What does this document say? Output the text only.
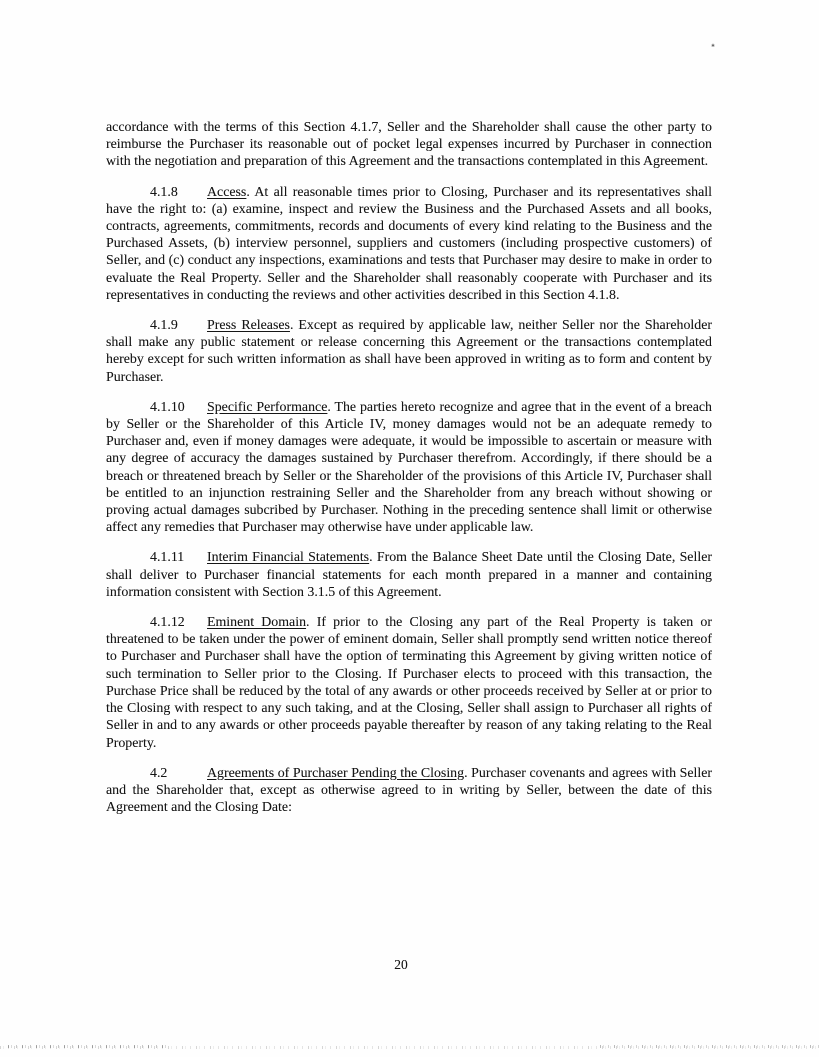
accordance with the terms of this Section 4.1.7, Seller and the Shareholder shall cause the other party to reimburse the Purchaser its reasonable out of pocket legal expenses incurred by Purchaser in connection with the negotiation and preparation of this Agreement and the transactions contemplated in this Agreement.

4.1.8 Access. At all reasonable times prior to Closing, Purchaser and its representatives shall have the right to: (a) examine, inspect and review the Business and the Purchased Assets and all books, contracts, agreements, commitments, records and documents of every kind relating to the Business and the Purchased Assets, (b) interview personnel, suppliers and customers (including prospective customers) of Seller, and (c) conduct any inspections, examinations and tests that Purchaser may desire to make in order to evaluate the Real Property. Seller and the Shareholder shall reasonably cooperate with Purchaser and its representatives in conducting the reviews and other activities described in this Section 4.1.8.

4.1.9 Press Releases. Except as required by applicable law, neither Seller nor the Shareholder shall make any public statement or release concerning this Agreement or the transactions contemplated hereby except for such written information as shall have been approved in writing as to form and content by Purchaser.

4.1.10 Specific Performance. The parties hereto recognize and agree that in the event of a breach by Seller or the Shareholder of this Article IV, money damages would not be an adequate remedy to Purchaser and, even if money damages were adequate, it would be impossible to ascertain or measure with any degree of accuracy the damages sustained by Purchaser therefrom. Accordingly, if there should be a breach or threatened breach by Seller or the Shareholder of the provisions of this Article IV, Purchaser shall be entitled to an injunction restraining Seller and the Shareholder from any breach without showing or proving actual damages subcribed by Purchaser. Nothing in the preceding sentence shall limit or otherwise affect any remedies that Purchaser may otherwise have under applicable law.

4.1.11 Interim Financial Statements. From the Balance Sheet Date until the Closing Date, Seller shall deliver to Purchaser financial statements for each month prepared in a manner and containing information consistent with Section 3.1.5 of this Agreement.

4.1.12 Eminent Domain. If prior to the Closing any part of the Real Property is taken or threatened to be taken under the power of eminent domain, Seller shall promptly send written notice thereof to Purchaser and Purchaser shall have the option of terminating this Agreement by giving written notice of such termination to Seller prior to the Closing. If Purchaser elects to proceed with this transaction, the Purchase Price shall be reduced by the total of any awards or other proceeds received by Seller at or prior to the Closing with respect to any such taking, and at the Closing, Seller shall assign to Purchaser all rights of Seller in and to any awards or other proceeds payable thereafter by reason of any taking relating to the Real Property.

4.2	Agreements of Purchaser Pending the Closing. Purchaser covenants and agrees with Seller and the Shareholder that, except as otherwise agreed to in writing by Seller, between the date of this Agreement and the Closing Date:

20
